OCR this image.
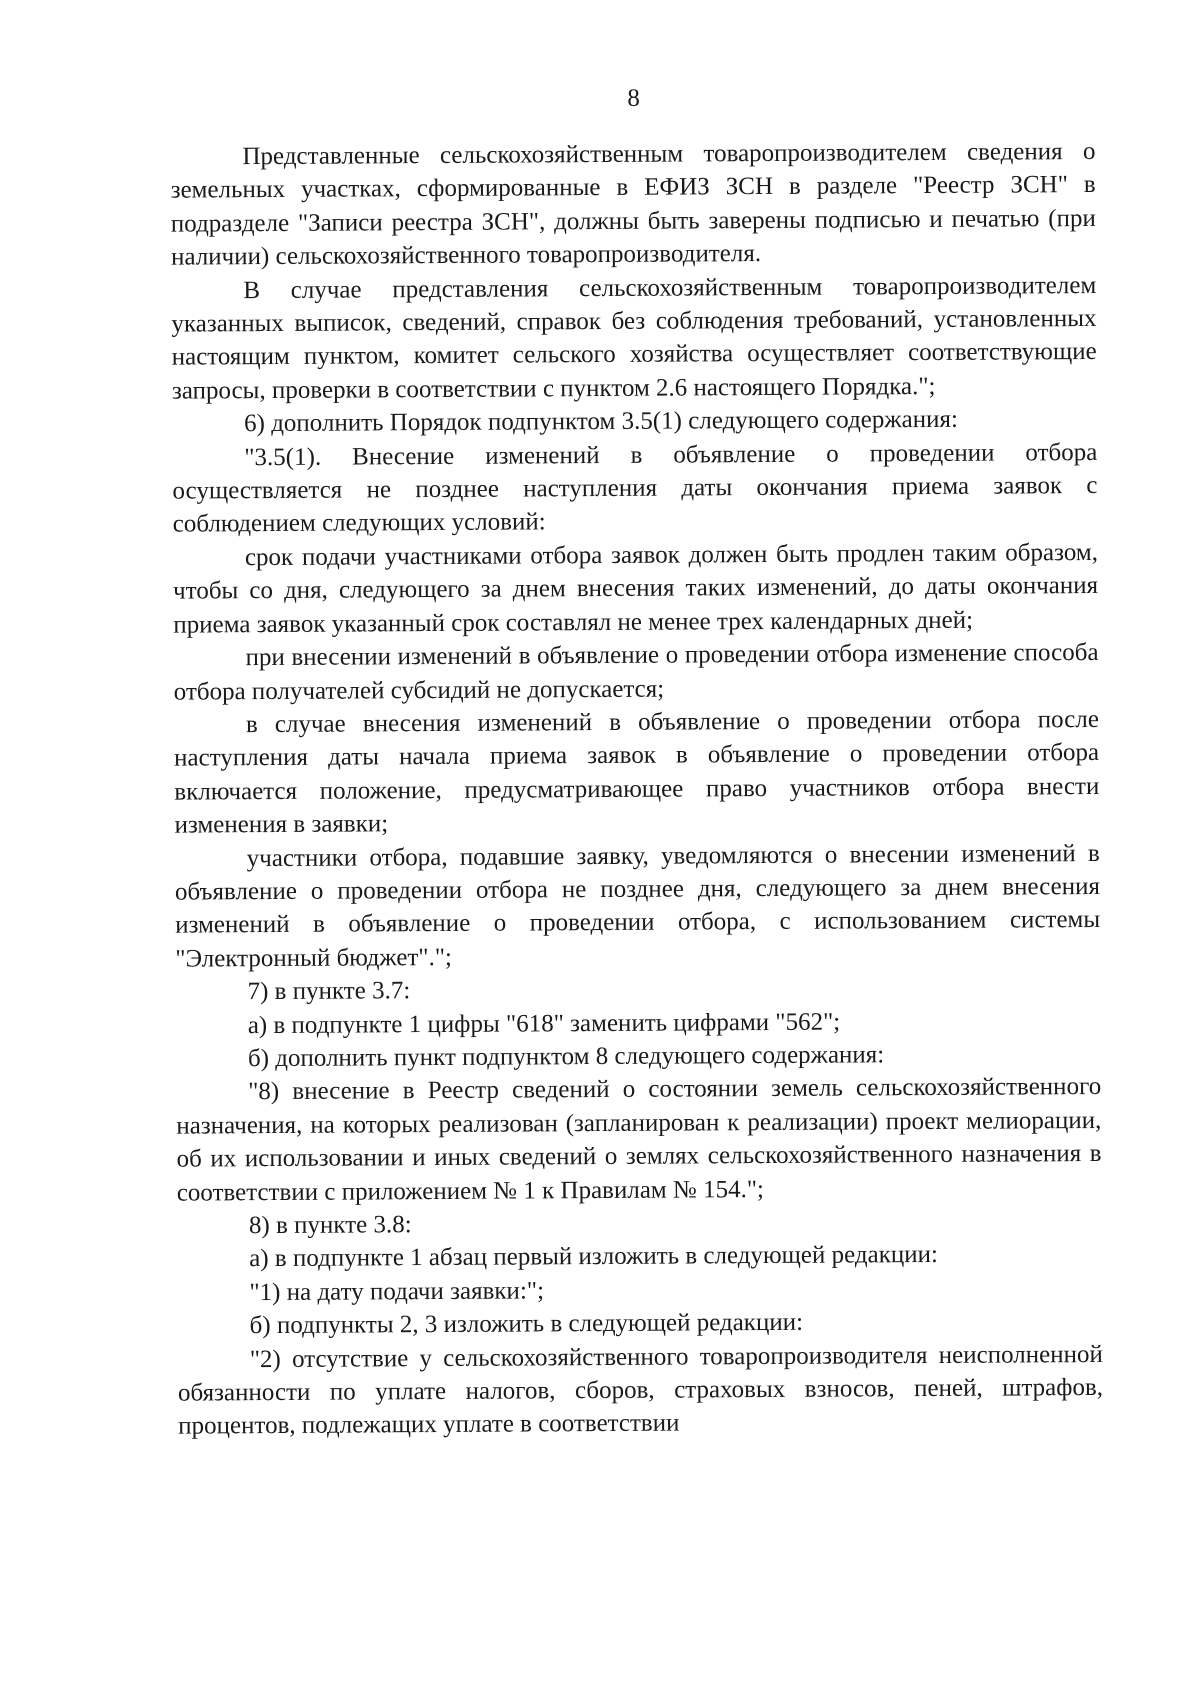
8

Представленные сельскохозяйственным товаропроизводителем сведения о земельных участках, сформированные в ЕФИЗ ЗСН в разделе "Реестр ЗСН" в подразделе "Записи реестра ЗСН", должны быть заверены подписью и печатью (при наличии) сельскохозяйственного товаропроизводителя.

В случае представления сельскохозяйственным товаропроизводителем указанных выписок, сведений, справок без соблюдения требований, установленных настоящим пунктом, комитет сельского хозяйства осуществляет соответствующие запросы, проверки в соответствии с пунктом 2.6 настоящего Порядка.";

6) дополнить Порядок подпунктом 3.5(1) следующего содержания:

"3.5(1). Внесение изменений в объявление о проведении отбора осуществляется не позднее наступления даты окончания приема заявок с соблюдением следующих условий:

срок подачи участниками отбора заявок должен быть продлен таким образом, чтобы со дня, следующего за днем внесения таких изменений, до даты окончания приема заявок указанный срок составлял не менее трех календарных дней;

при внесении изменений в объявление о проведении отбора изменение способа отбора получателей субсидий не допускается;

в случае внесения изменений в объявление о проведении отбора после наступления даты начала приема заявок в объявление о проведении отбора включается положение, предусматривающее право участников отбора внести изменения в заявки;

участники отбора, подавшие заявку, уведомляются о внесении изменений в объявление о проведении отбора не позднее дня, следующего за днем внесения изменений в объявление о проведении отбора, с использованием системы "Электронный бюджет".";

7) в пункте 3.7:

а) в подпункте 1 цифры "618" заменить цифрами "562";

б) дополнить пункт подпунктом 8 следующего содержания:

"8) внесение в Реестр сведений о состоянии земель сельскохозяйственного назначения, на которых реализован (запланирован к реализации) проект мелиорации, об их использовании и иных сведений о землях сельскохозяйственного назначения в соответствии с приложением № 1 к Правилам № 154.";

8) в пункте 3.8:

а) в подпункте 1 абзац первый изложить в следующей редакции:

"1) на дату подачи заявки:";

б) подпункты 2, 3 изложить в следующей редакции:

"2) отсутствие у сельскохозяйственного товаропроизводителя неисполненной обязанности по уплате налогов, сборов, страховых взносов, пеней, штрафов, процентов, подлежащих уплате в соответствии
